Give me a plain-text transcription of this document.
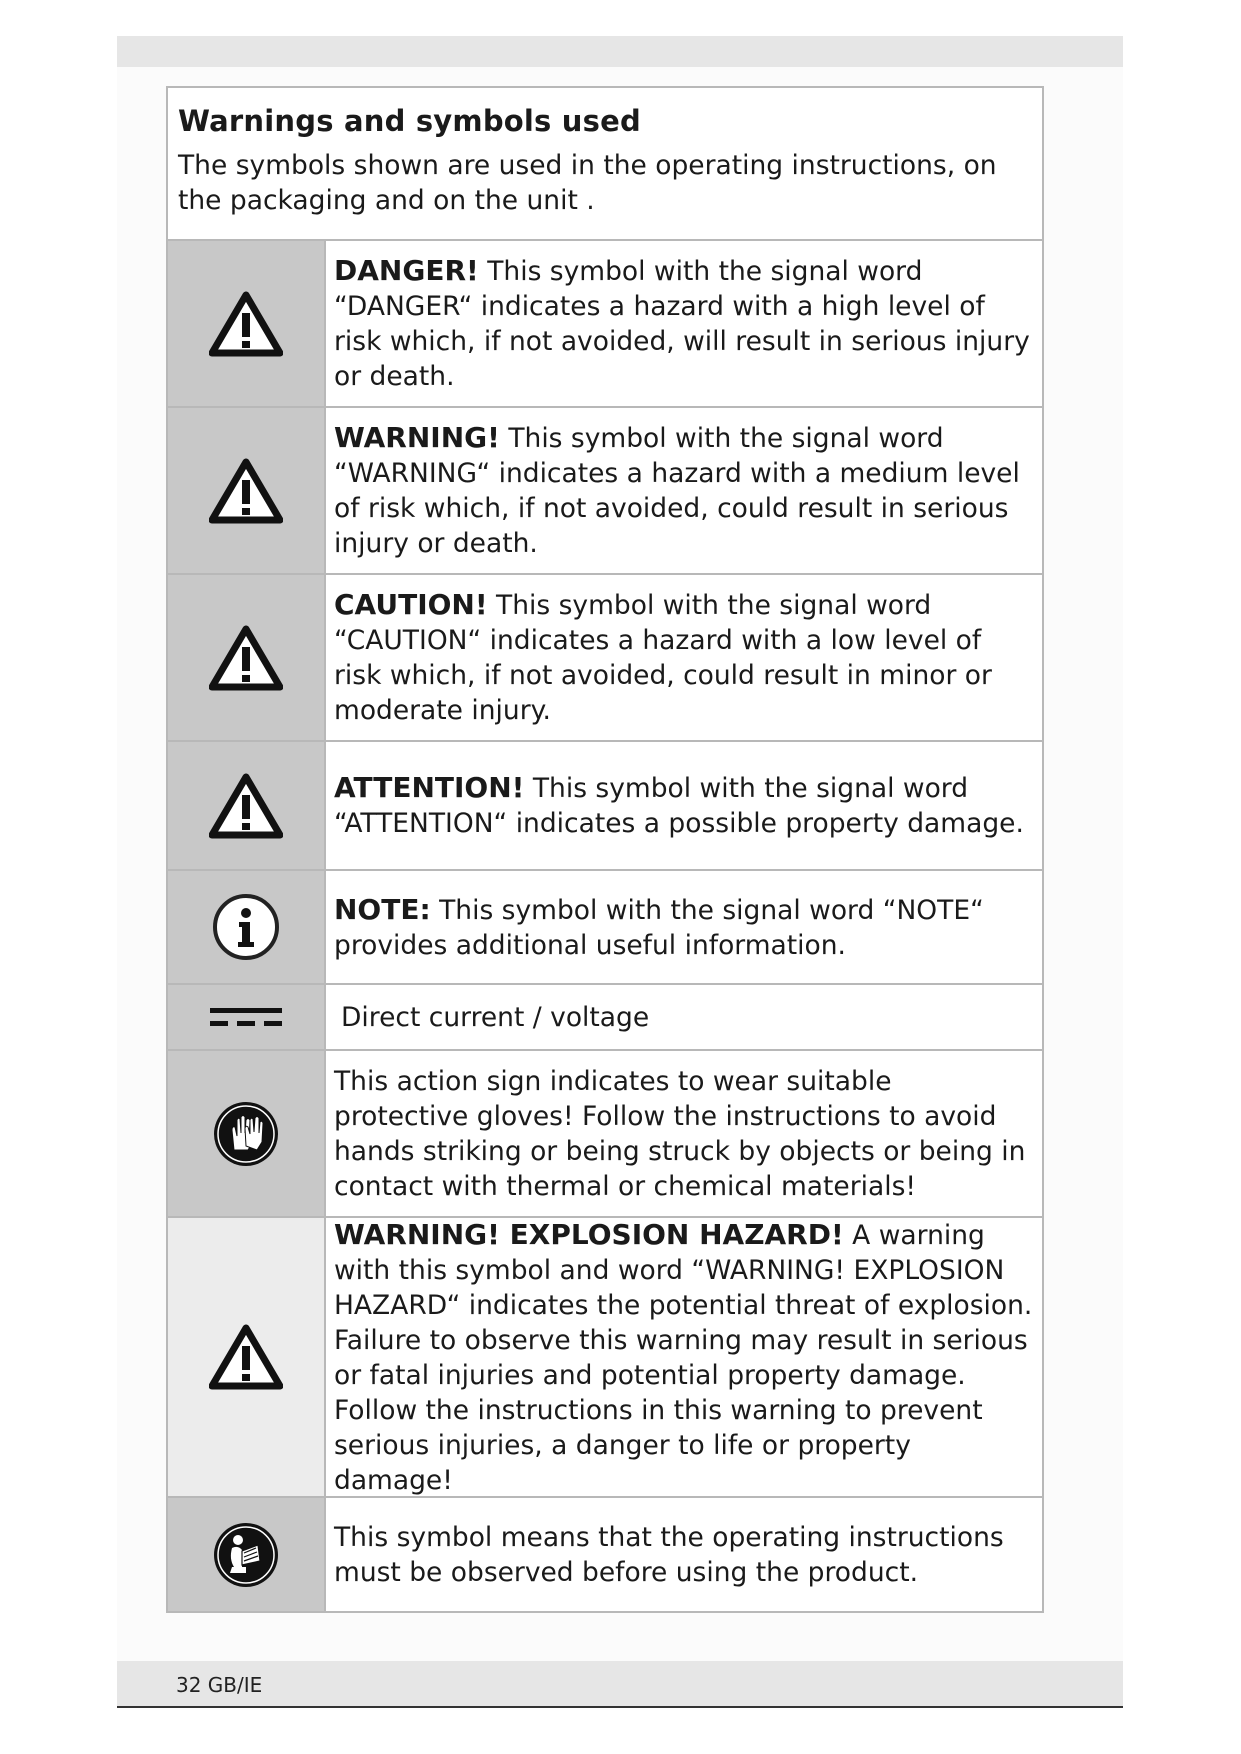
Warnings and symbols used
The symbols shown are used in the operating instructions, on the packaging and on the unit .
DANGER! This symbol with the signal word “DANGER“ indicates a hazard with a high level of risk which, if not avoided, will result in serious injury or death.
WARNING! This symbol with the signal word “WARNING“ indicates a hazard with a medium level of risk which, if not avoided, could result in serious injury or death.
CAUTION! This symbol with the signal word “CAUTION“ indicates a hazard with a low level of risk which, if not avoided, could result in minor or moderate injury.
ATTENTION! This symbol with the signal word “ATTENTION“ indicates a possible property damage.
NOTE: This symbol with the signal word “NOTE“ provides additional useful information.
Direct current / voltage
This action sign indicates to wear suitable protective gloves! Follow the instructions to avoid hands striking or being struck by objects or being in contact with thermal or chemical materials!
WARNING! EXPLOSION HAZARD! A warning with this symbol and word “WARNING! EXPLOSION HAZARD“ indicates the potential threat of explosion. Failure to observe this warning may result in serious or fatal injuries and potential property damage. Follow the instructions in this warning to prevent serious injuries, a danger to life or property damage!
This symbol means that the operating instructions must be observed before using the product.
32 GB/IE
